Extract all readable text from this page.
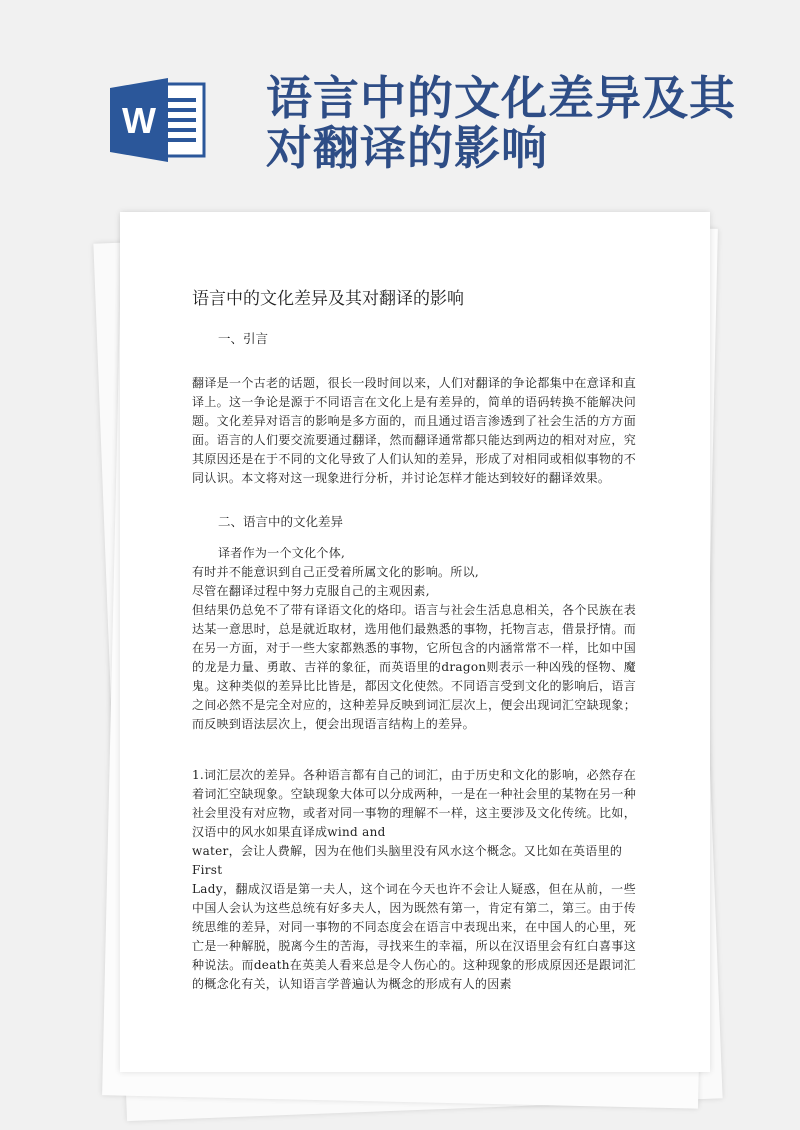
W 语言中的文化差异及其
对翻译的影响
语言中的文化差异及其对翻译的影响
一、引言
翻译是一个古老的话题，很长一段时间以来，人们对翻译的争论都集中在意译和直译上。这一争论是源于不同语言在文化上是有差异的，简单的语码转换不能解决问题。文化差异对语言的影响是多方面的，而且通过语言渗透到了社会生活的方方面面。语言的人们要交流要通过翻译，然而翻译通常都只能达到两边的相对对应，究其原因还是在于不同的文化导致了人们认知的差异，形成了对相同或相似事物的不同认识。本文将对这一现象进行分析，并讨论怎样才能达到较好的翻译效果。
二、语言中的文化差异
译者作为一个文化个体,
有时并不能意识到自己正受着所属文化的影响。所以,
尽管在翻译过程中努力克服自己的主观因素,
但结果仍总免不了带有译语文化的烙印。语言与社会生活息息相关，各个民族在表达某一意思时，总是就近取材，选用他们最熟悉的事物，托物言志，借景抒情。而在另一方面，对于一些大家都熟悉的事物，它所包含的内涵常常不一样，比如中国的龙是力量、勇敢、吉祥的象征，而英语里的dragon则表示一种凶残的怪物、魔鬼。这种类似的差异比比皆是，都因文化使然。不同语言受到文化的影响后，语言之间必然不是完全对应的，这种差异反映到词汇层次上，便会出现词汇空缺现象；而反映到语法层次上，便会出现语言结构上的差异。
1.词汇层次的差异。各种语言都有自己的词汇，由于历史和文化的影响，必然存在着词汇空缺现象。空缺现象大体可以分成两种，一是在一种社会里的某物在另一种社会里没有对应物，或者对同一事物的理解不一样，这主要涉及文化传统。比如，汉语中的风水如果直译成wind and
water，会让人费解，因为在他们头脑里没有风水这个概念。又比如在英语里的
First
Lady，翻成汉语是第一夫人，这个词在今天也许不会让人疑惑，但在从前，一些中国人会认为这些总统有好多夫人，因为既然有第一，肯定有第二，第三。由于传统思维的差异，对同一事物的不同态度会在语言中表现出来，在中国人的心里，死亡是一种解脱，脱离今生的苦海，寻找来生的幸福，所以在汉语里会有红白喜事这种说法。而death在英美人看来总是令人伤心的。这种现象的形成原因还是跟词汇的概念化有关，认知语言学普遍认为概念的形成有人的因素
